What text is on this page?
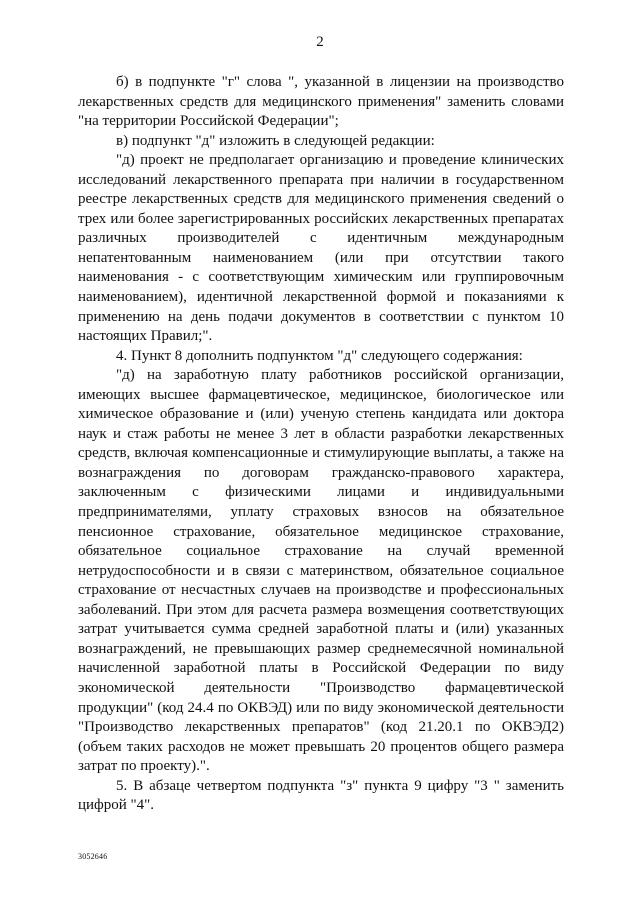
2

б) в подпункте "г" слова ", указанной в лицензии на производство лекарственных средств для медицинского применения" заменить словами "на территории Российской Федерации";

в) подпункт "д" изложить в следующей редакции:

"д) проект не предполагает организацию и проведение клинических исследований лекарственного препарата при наличии в государственном реестре лекарственных средств для медицинского применения сведений о трех или более зарегистрированных российских лекарственных препаратах различных производителей с идентичным международным непатентованным наименованием (или при отсутствии такого наименования - с соответствующим химическим или группировочным наименованием), идентичной лекарственной формой и показаниями к применению на день подачи документов в соответствии с пунктом 10 настоящих Правил;".

4. Пункт 8 дополнить подпунктом "д" следующего содержания:

"д) на заработную плату работников российской организации, имеющих высшее фармацевтическое, медицинское, биологическое или химическое образование и (или) ученую степень кандидата или доктора наук и стаж работы не менее 3 лет в области разработки лекарственных средств, включая компенсационные и стимулирующие выплаты, а также на вознаграждения по договорам гражданско-правового характера, заключенным с физическими лицами и индивидуальными предпринимателями, уплату страховых взносов на обязательное пенсионное страхование, обязательное медицинское страхование, обязательное социальное страхование на случай временной нетрудоспособности и в связи с материнством, обязательное социальное страхование от несчастных случаев на производстве и профессиональных заболеваний. При этом для расчета размера возмещения соответствующих затрат учитывается сумма средней заработной платы и (или) указанных вознаграждений, не превышающих размер среднемесячной номинальной начисленной заработной платы в Российской Федерации по виду экономической деятельности "Производство фармацевтической продукции" (код 24.4 по ОКВЭД) или по виду экономической деятельности "Производство лекарственных препаратов" (код 21.20.1 по ОКВЭД2) (объем таких расходов не может превышать 20 процентов общего размера затрат по проекту).".

5. В абзаце четвертом подпункта "з" пункта 9 цифру "3 " заменить цифрой "4".

3052646
